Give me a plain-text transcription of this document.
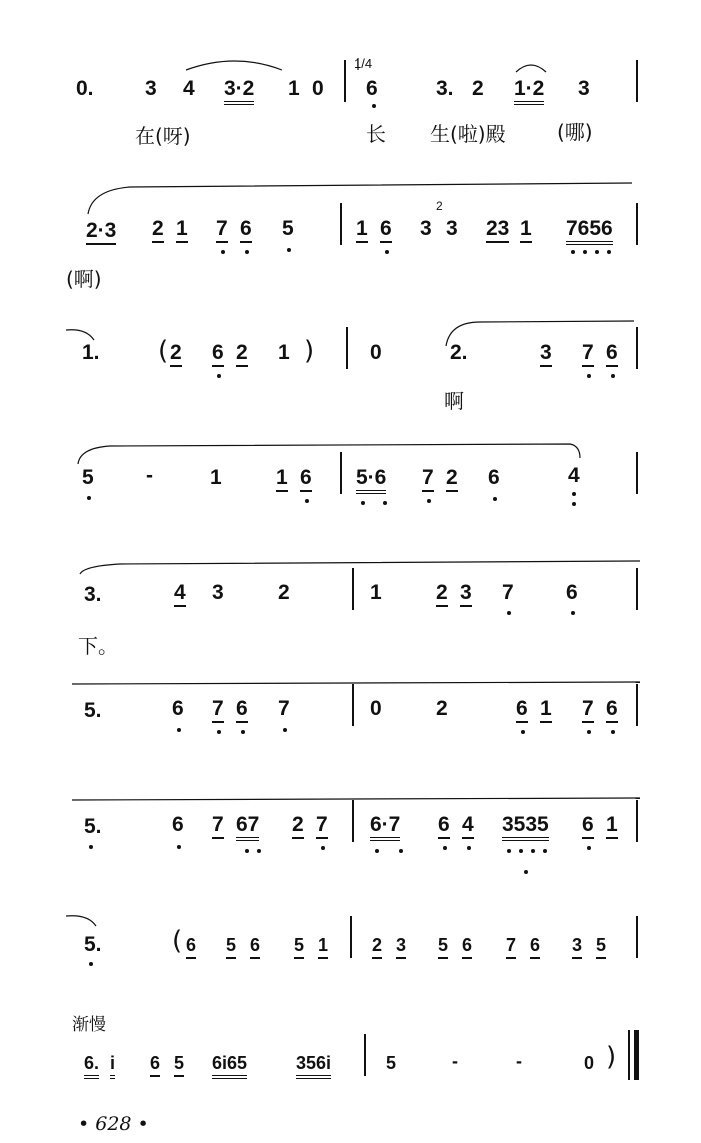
0. 3 4 3·2 1 0
1/4
6	3. 2 1·2 3
在(呀)	长 生(啦)殿	(哪)
2·3 2 1 7 6 5	1 6 3
2
3 23 1 7656
(啊)
1. ( 2 6 2 1 )	0	2.	3 7 6
啊
5 -	1	1 6 5·6 7 2 6	4
3.	4 3	2	1	2 3 7 6
下。
5.	6 7 6 7	0	2	6 1 7 6
5.	6 7 67 2 7 6·7 6 4 3535 6 1
5.	( 6 5 6 5 1 2 3 5 6 7 6 3 5
渐慢
6. i 6 5 6i65	356i	5	-	-	0 )
• 628 •
